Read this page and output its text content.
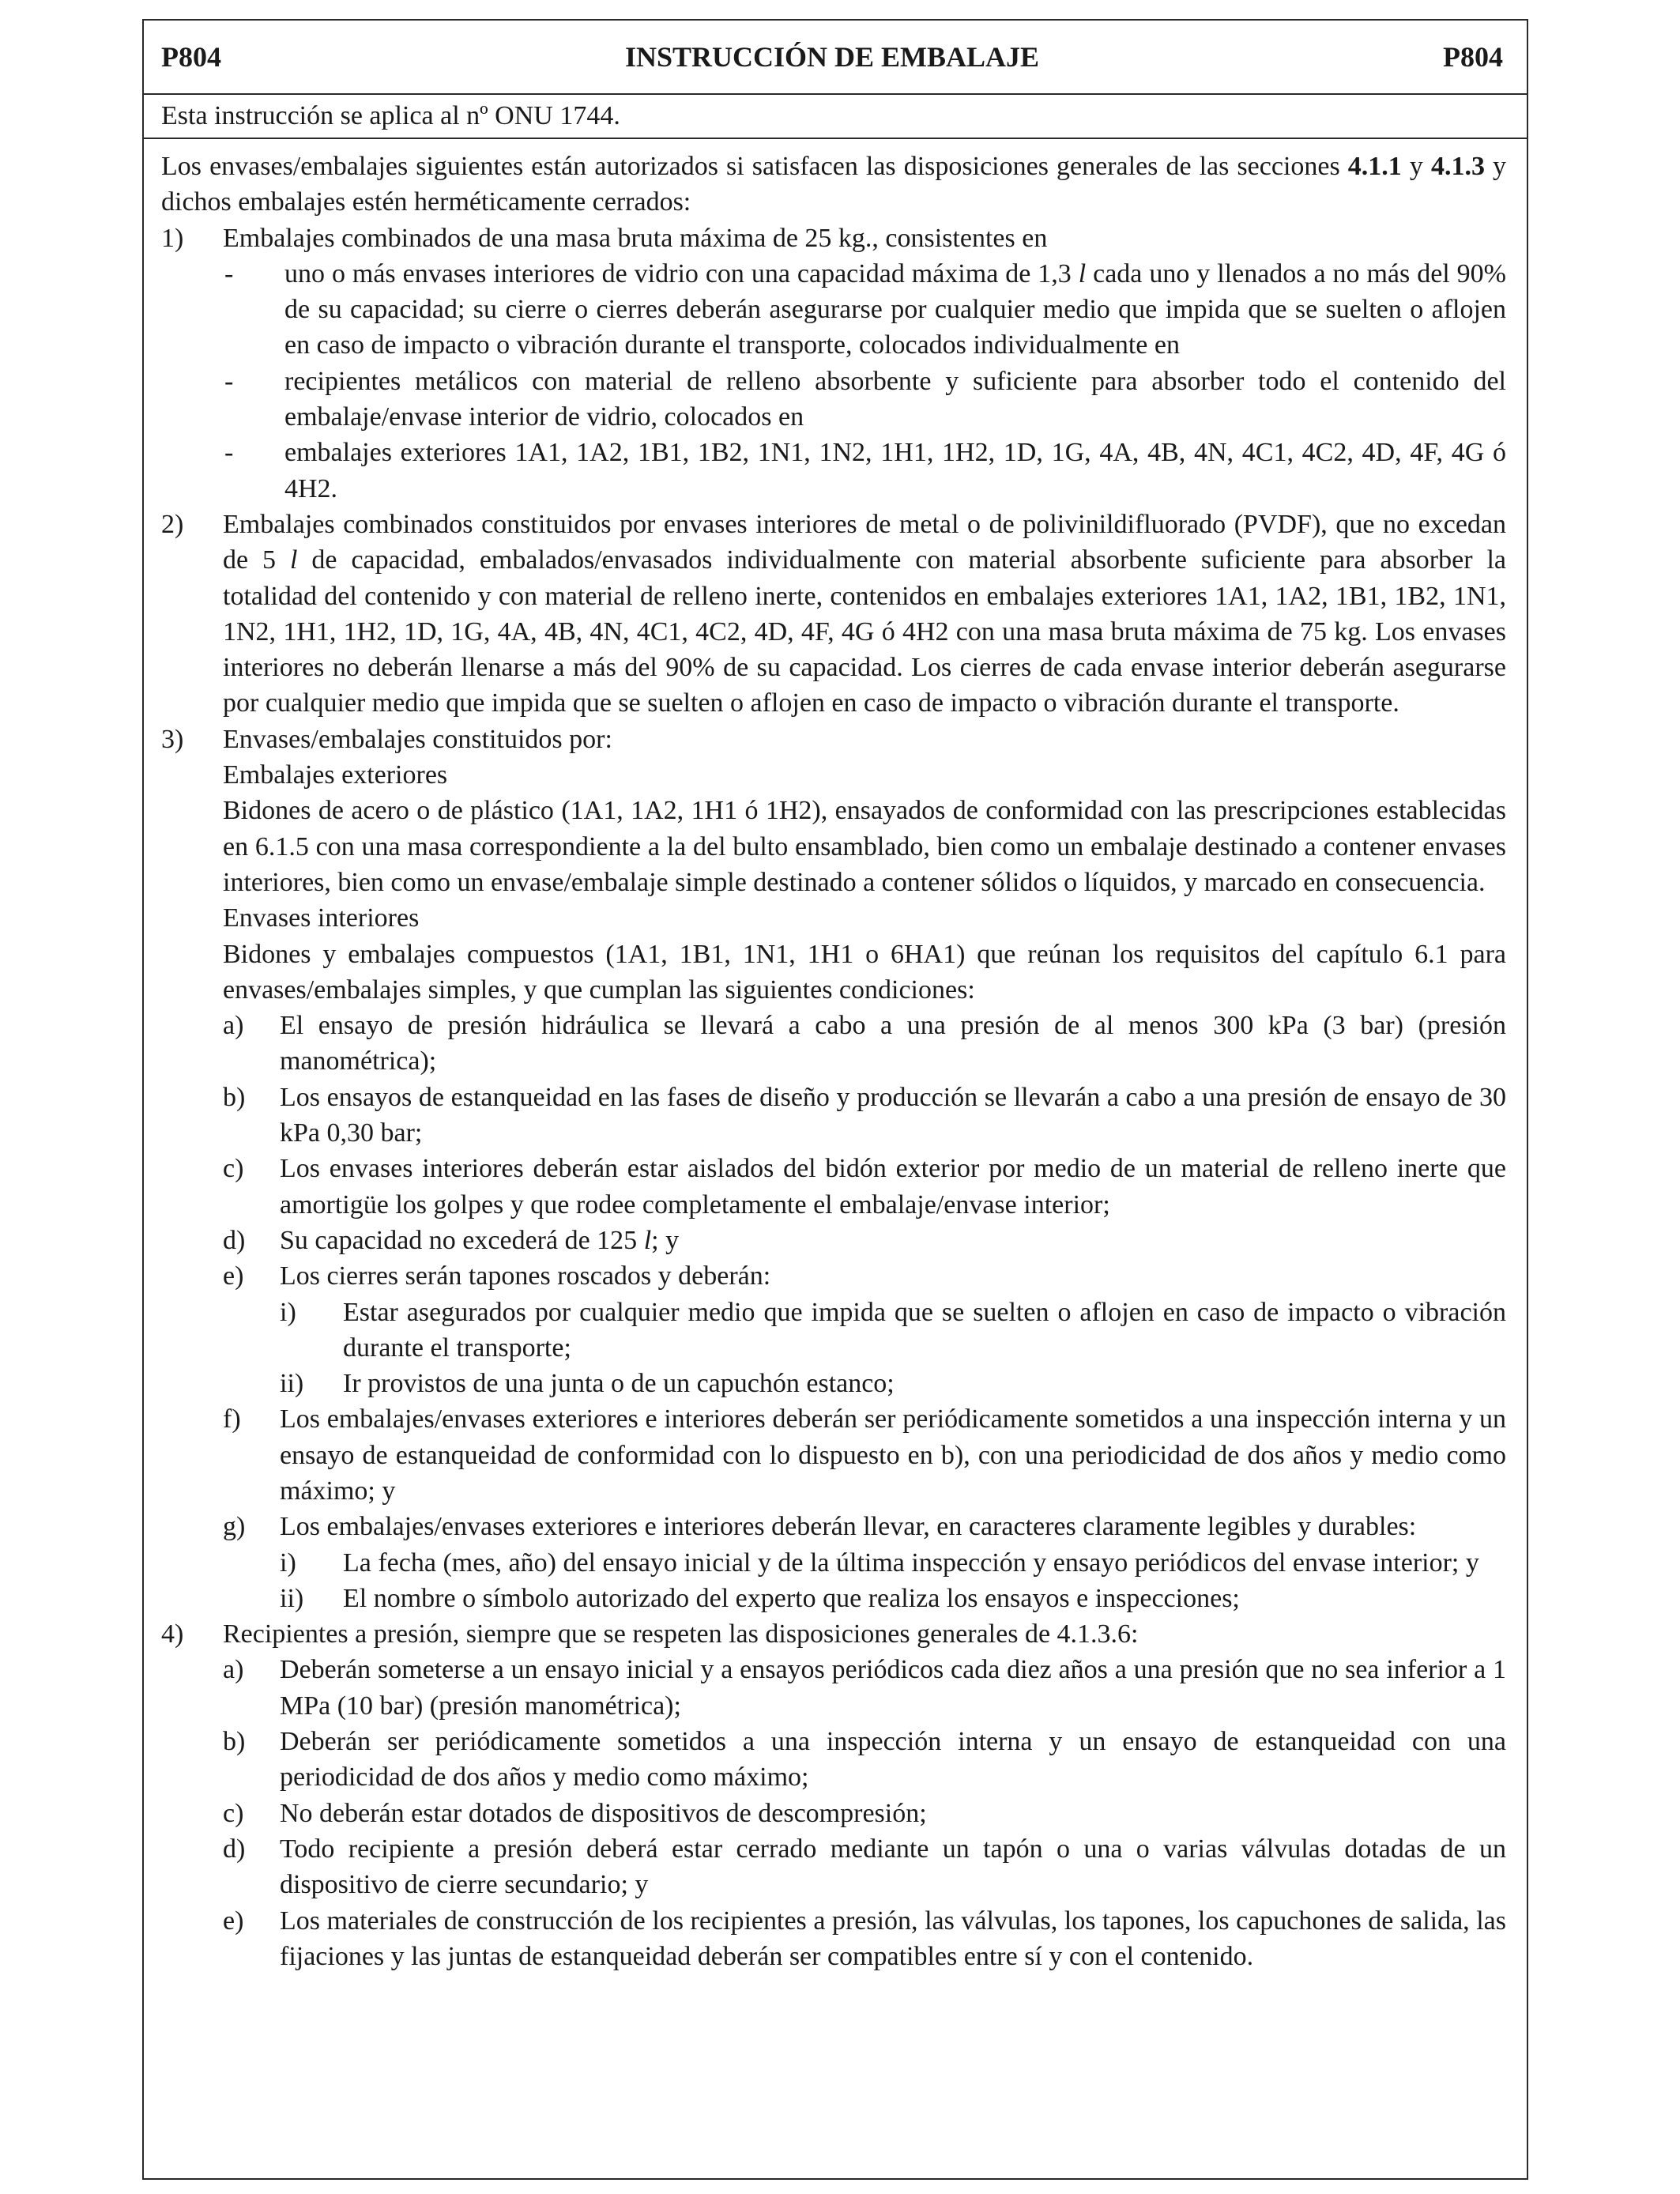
P804	INSTRUCCIÓN DE EMBALAJE	P804
Esta instrucción se aplica al nº ONU 1744.

Los envases/embalajes siguientes están autorizados si satisfacen las disposiciones generales de las secciones 4.1.1 y 4.1.3 y dichos embalajes estén herméticamente cerrados:

1)	Embalajes combinados de una masa bruta máxima de 25 kg., consistentes en
-	uno o más envases interiores de vidrio con una capacidad máxima de 1,3 l cada uno y llenados a no más del 90% de su capacidad; su cierre o cierres deberán asegurarse por cualquier medio que impida que se suelten o aflojen en caso de impacto o vibración durante el transporte, colocados individualmente en
-	recipientes metálicos con material de relleno absorbente y suficiente para absorber todo el contenido del embalaje/envase interior de vidrio, colocados en
-	embalajes exteriores 1A1, 1A2, 1B1, 1B2, 1N1, 1N2, 1H1, 1H2, 1D, 1G, 4A, 4B, 4N, 4C1, 4C2, 4D, 4F, 4G ó 4H2.
2)	Embalajes combinados constituidos por envases interiores de metal o de polivinildifluorado (PVDF), que no excedan de 5 l de capacidad, embalados/envasados individualmente con material absorbente suficiente para absorber la totalidad del contenido y con material de relleno inerte, contenidos en embalajes exteriores 1A1, 1A2, 1B1, 1B2, 1N1, 1N2, 1H1, 1H2, 1D, 1G, 4A, 4B, 4N, 4C1, 4C2, 4D, 4F, 4G ó 4H2 con una masa bruta máxima de 75 kg. Los envases interiores no deberán llenarse a más del 90% de su capacidad. Los cierres de cada envase interior deberán asegurarse por cualquier medio que impida que se suelten o aflojen en caso de impacto o vibración durante el transporte.
3)	Envases/embalajes constituidos por:
Embalajes exteriores
Bidones de acero o de plástico (1A1, 1A2, 1H1 ó 1H2), ensayados de conformidad con las prescripciones establecidas en 6.1.5 con una masa correspondiente a la del bulto ensamblado, bien como un embalaje destinado a contener envases interiores, bien como un envase/embalaje simple destinado a contener sólidos o líquidos, y marcado en consecuencia.
Envases interiores
Bidones y embalajes compuestos (1A1, 1B1, 1N1, 1H1 o 6HA1) que reúnan los requisitos del capítulo 6.1 para envases/embalajes simples, y que cumplan las siguientes condiciones:
a)	El ensayo de presión hidráulica se llevará a cabo a una presión de al menos 300 kPa (3 bar) (presión manométrica);
b)	Los ensayos de estanqueidad en las fases de diseño y producción se llevarán a cabo a una presión de ensayo de 30 kPa 0,30 bar;
c)	Los envases interiores deberán estar aislados del bidón exterior por medio de un material de relleno inerte que amortigüe los golpes y que rodee completamente el embalaje/envase interior;
d)	Su capacidad no excederá de 125 l; y
e)	Los cierres serán tapones roscados y deberán:
i)	Estar asegurados por cualquier medio que impida que se suelten o aflojen en caso de impacto o vibración durante el transporte;
ii)	Ir provistos de una junta o de un capuchón estanco;
f)	Los embalajes/envases exteriores e interiores deberán ser periódicamente sometidos a una inspección interna y un ensayo de estanqueidad de conformidad con lo dispuesto en b), con una periodicidad de dos años y medio como máximo; y
g)	Los embalajes/envases exteriores e interiores deberán llevar, en caracteres claramente legibles y durables:
i)	La fecha (mes, año) del ensayo inicial y de la última inspección y ensayo periódicos del envase interior; y
ii)	El nombre o símbolo autorizado del experto que realiza los ensayos e inspecciones;
4)	Recipientes a presión, siempre que se respeten las disposiciones generales de 4.1.3.6:
a)	Deberán someterse a un ensayo inicial y a ensayos periódicos cada diez años a una presión que no sea inferior a 1 MPa (10 bar) (presión manométrica);
b)	Deberán ser periódicamente sometidos a una inspección interna y un ensayo de estanqueidad con una periodicidad de dos años y medio como máximo;
c)	No deberán estar dotados de dispositivos de descompresión;
d)	Todo recipiente a presión deberá estar cerrado mediante un tapón o una o varias válvulas dotadas de un dispositivo de cierre secundario; y
e)	Los materiales de construcción de los recipientes a presión, las válvulas, los tapones, los capuchones de salida, las fijaciones y las juntas de estanqueidad deberán ser compatibles entre sí y con el contenido.
